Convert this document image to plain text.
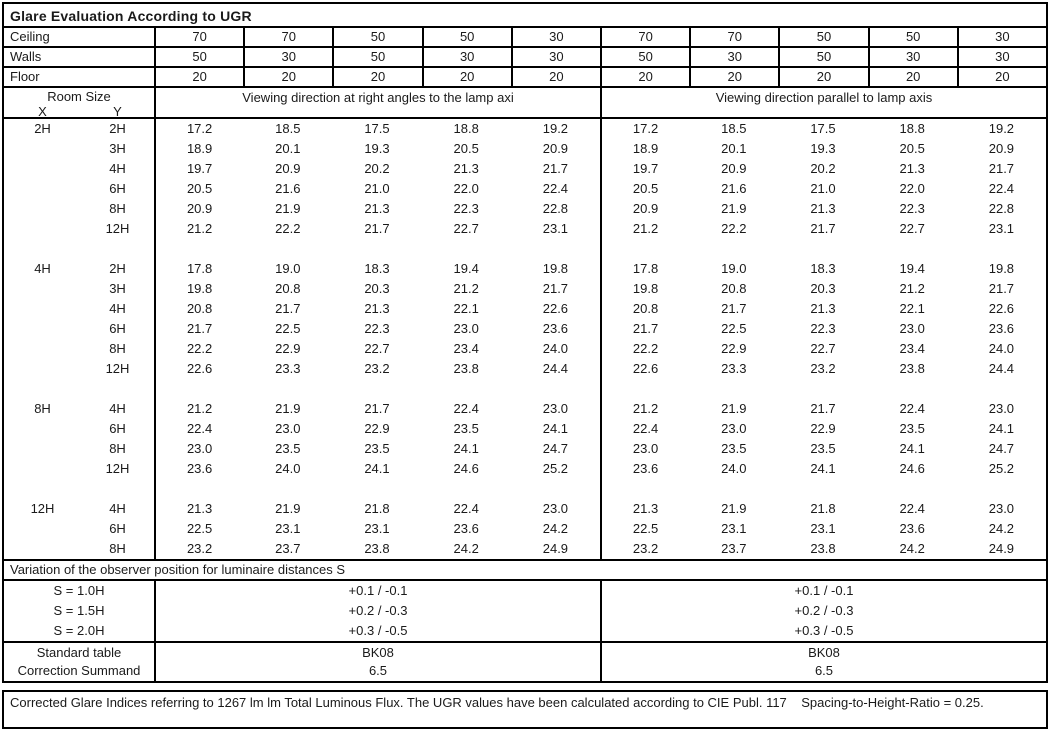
Glare Evaluation According to UGR
Ceiling	70	70	50	50	30	70	70	50	50	30
Walls	50	30	50	30	30	50	30	50	30	30
Floor	20	20	20	20	20	20	20	20	20	20
Room Size
X	Y
Viewing direction at right angles to the lamp axi	Viewing direction parallel to lamp axis
2H	2H	17.2	18.5	17.5	18.8	19.2	17.2	18.5	17.5	18.8	19.2
3H	18.9	20.1	19.3	20.5	20.9	18.9	20.1	19.3	20.5	20.9
4H	19.7	20.9	20.2	21.3	21.7	19.7	20.9	20.2	21.3	21.7
6H	20.5	21.6	21.0	22.0	22.4	20.5	21.6	21.0	22.0	22.4
8H	20.9	21.9	21.3	22.3	22.8	20.9	21.9	21.3	22.3	22.8
12H	21.2	22.2	21.7	22.7	23.1	21.2	22.2	21.7	22.7	23.1
4H	2H	17.8	19.0	18.3	19.4	19.8	17.8	19.0	18.3	19.4	19.8
3H	19.8	20.8	20.3	21.2	21.7	19.8	20.8	20.3	21.2	21.7
4H	20.8	21.7	21.3	22.1	22.6	20.8	21.7	21.3	22.1	22.6
6H	21.7	22.5	22.3	23.0	23.6	21.7	22.5	22.3	23.0	23.6
8H	22.2	22.9	22.7	23.4	24.0	22.2	22.9	22.7	23.4	24.0
12H	22.6	23.3	23.2	23.8	24.4	22.6	23.3	23.2	23.8	24.4
8H	4H	21.2	21.9	21.7	22.4	23.0	21.2	21.9	21.7	22.4	23.0
6H	22.4	23.0	22.9	23.5	24.1	22.4	23.0	22.9	23.5	24.1
8H	23.0	23.5	23.5	24.1	24.7	23.0	23.5	23.5	24.1	24.7
12H	23.6	24.0	24.1	24.6	25.2	23.6	24.0	24.1	24.6	25.2
12H	4H	21.3	21.9	21.8	22.4	23.0	21.3	21.9	21.8	22.4	23.0
6H	22.5	23.1	23.1	23.6	24.2	22.5	23.1	23.1	23.6	24.2
8H	23.2	23.7	23.8	24.2	24.9	23.2	23.7	23.8	24.2	24.9
Variation of the observer position for luminaire distances S
S = 1.0H	+0.1 / -0.1	+0.1 / -0.1
S = 1.5H	+0.2 / -0.3	+0.2 / -0.3
S = 2.0H	+0.3 / -0.5	+0.3 / -0.5
Standard table	BK08	BK08
Correction Summand	6.5	6.5
Corrected Glare Indices referring to 1267 lm lm Total Luminous Flux. The UGR values have been calculated according to CIE Publ. 117    Spacing-to-Height-Ratio = 0.25.
